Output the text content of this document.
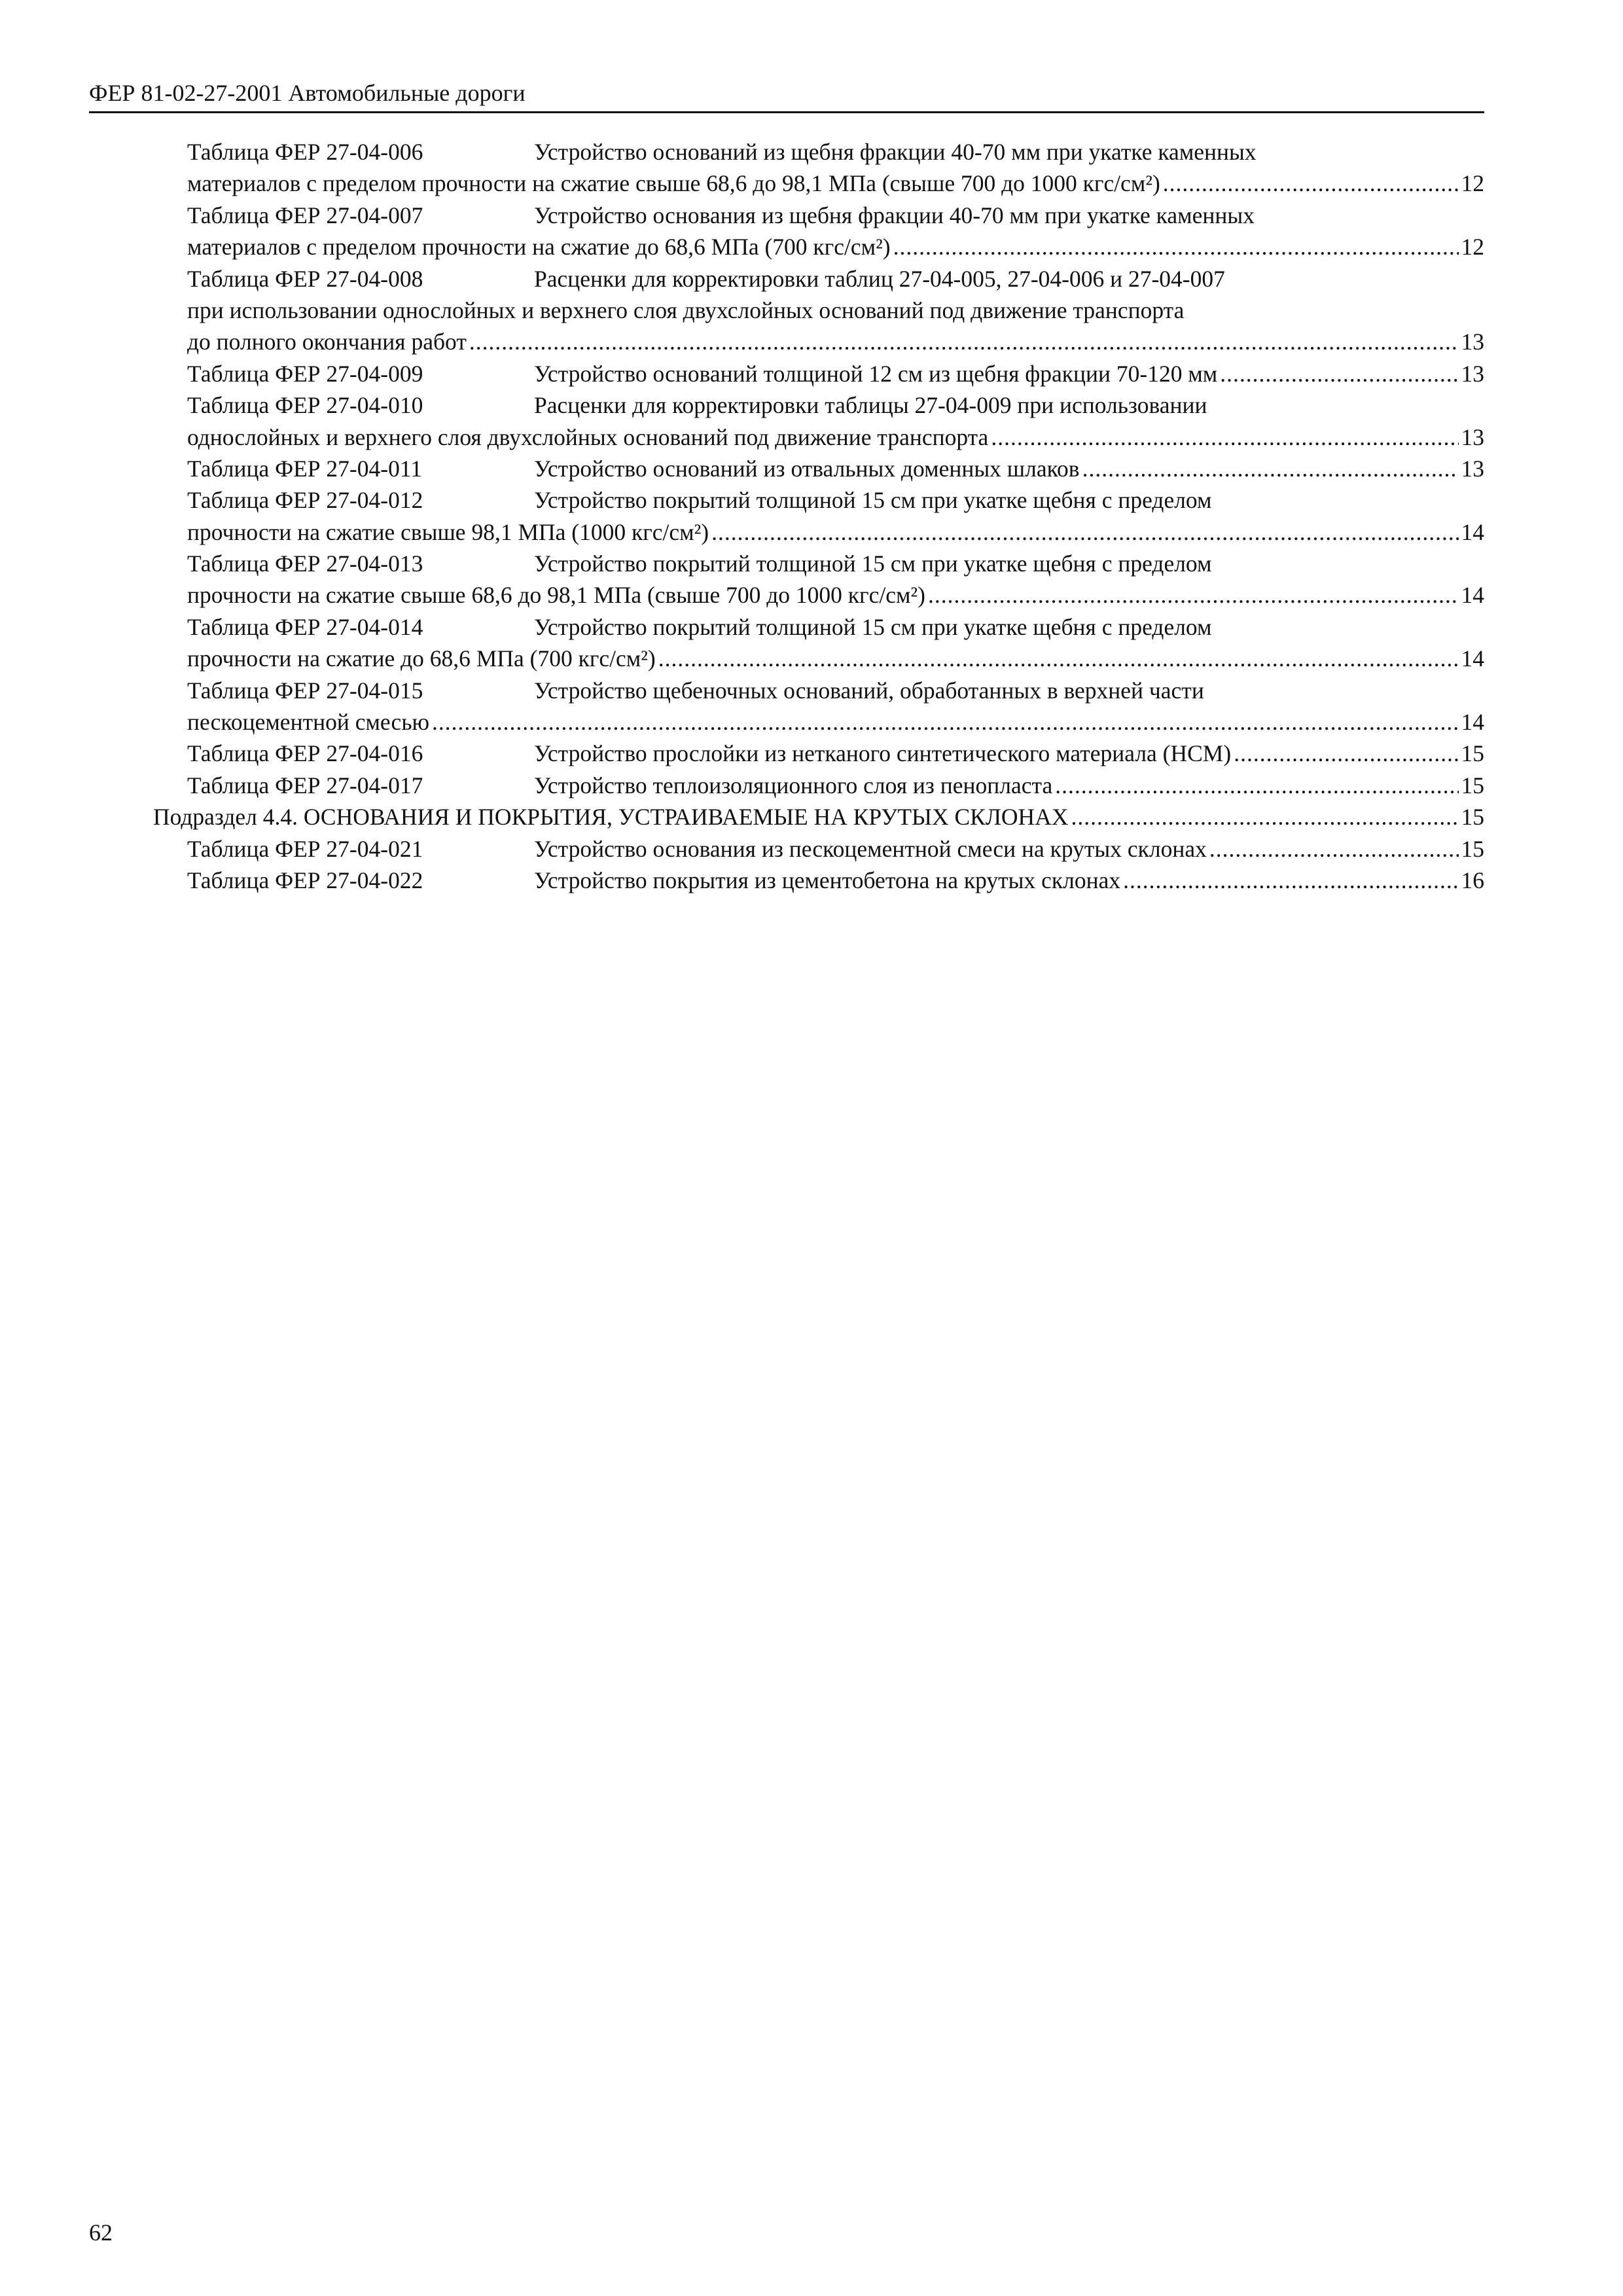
ФЕР 81-02-27-2001 Автомобильные дороги
Таблица ФЕР 27-04-006	Устройство оснований из щебня фракции 40-70 мм при укатке каменных
материалов с пределом прочности на сжатие свыше 68,6 до 98,1 МПа (свыше 700 до 1000 кгс/см²) .....	12
Таблица ФЕР 27-04-007	Устройство основания из щебня фракции 40-70 мм при укатке каменных
материалов с пределом прочности на сжатие до 68,6 МПа (700 кгс/см²) .....	12
Таблица ФЕР 27-04-008	Расценки для корректировки таблиц 27-04-005, 27-04-006 и 27-04-007
при использовании однослойных и верхнего слоя двухслойных оснований под движение транспорта
до полного окончания работ .....	13
Таблица ФЕР 27-04-009	Устройство оснований толщиной 12 см из щебня фракции 70-120 мм .....	13
Таблица ФЕР 27-04-010	Расценки для корректировки таблицы 27-04-009 при использовании
однослойных и верхнего слоя двухслойных оснований под движение транспорта .....	13
Таблица ФЕР 27-04-011	Устройство оснований из отвальных доменных шлаков .....	13
Таблица ФЕР 27-04-012	Устройство покрытий толщиной 15 см при укатке щебня с пределом
прочности на сжатие свыше 98,1 МПа (1000 кгс/см²) .....	14
Таблица ФЕР 27-04-013	Устройство покрытий толщиной 15 см при укатке щебня с пределом
прочности на сжатие свыше 68,6 до 98,1 МПа (свыше 700 до 1000 кгс/см²) .....	14
Таблица ФЕР 27-04-014	Устройство покрытий толщиной 15 см при укатке щебня с пределом
прочности на сжатие до 68,6 МПа (700 кгс/см²) .....	14
Таблица ФЕР 27-04-015	Устройство щебеночных оснований, обработанных в верхней части
пескоцементной смесью .....	14
Таблица ФЕР 27-04-016	Устройство прослойки из нетканого синтетического материала (НСМ) .....	15
Таблица ФЕР 27-04-017	Устройство теплоизоляционного слоя из пенопласта .....	15
Подраздел 4.4. ОСНОВАНИЯ И ПОКРЫТИЯ, УСТРАИВАЕМЫЕ НА КРУТЫХ СКЛОНАХ .....	15
Таблица ФЕР 27-04-021	Устройство основания из пескоцементной смеси на крутых склонах .....	15
Таблица ФЕР 27-04-022	Устройство покрытия из цементобетона на крутых склонах .....	16
62
